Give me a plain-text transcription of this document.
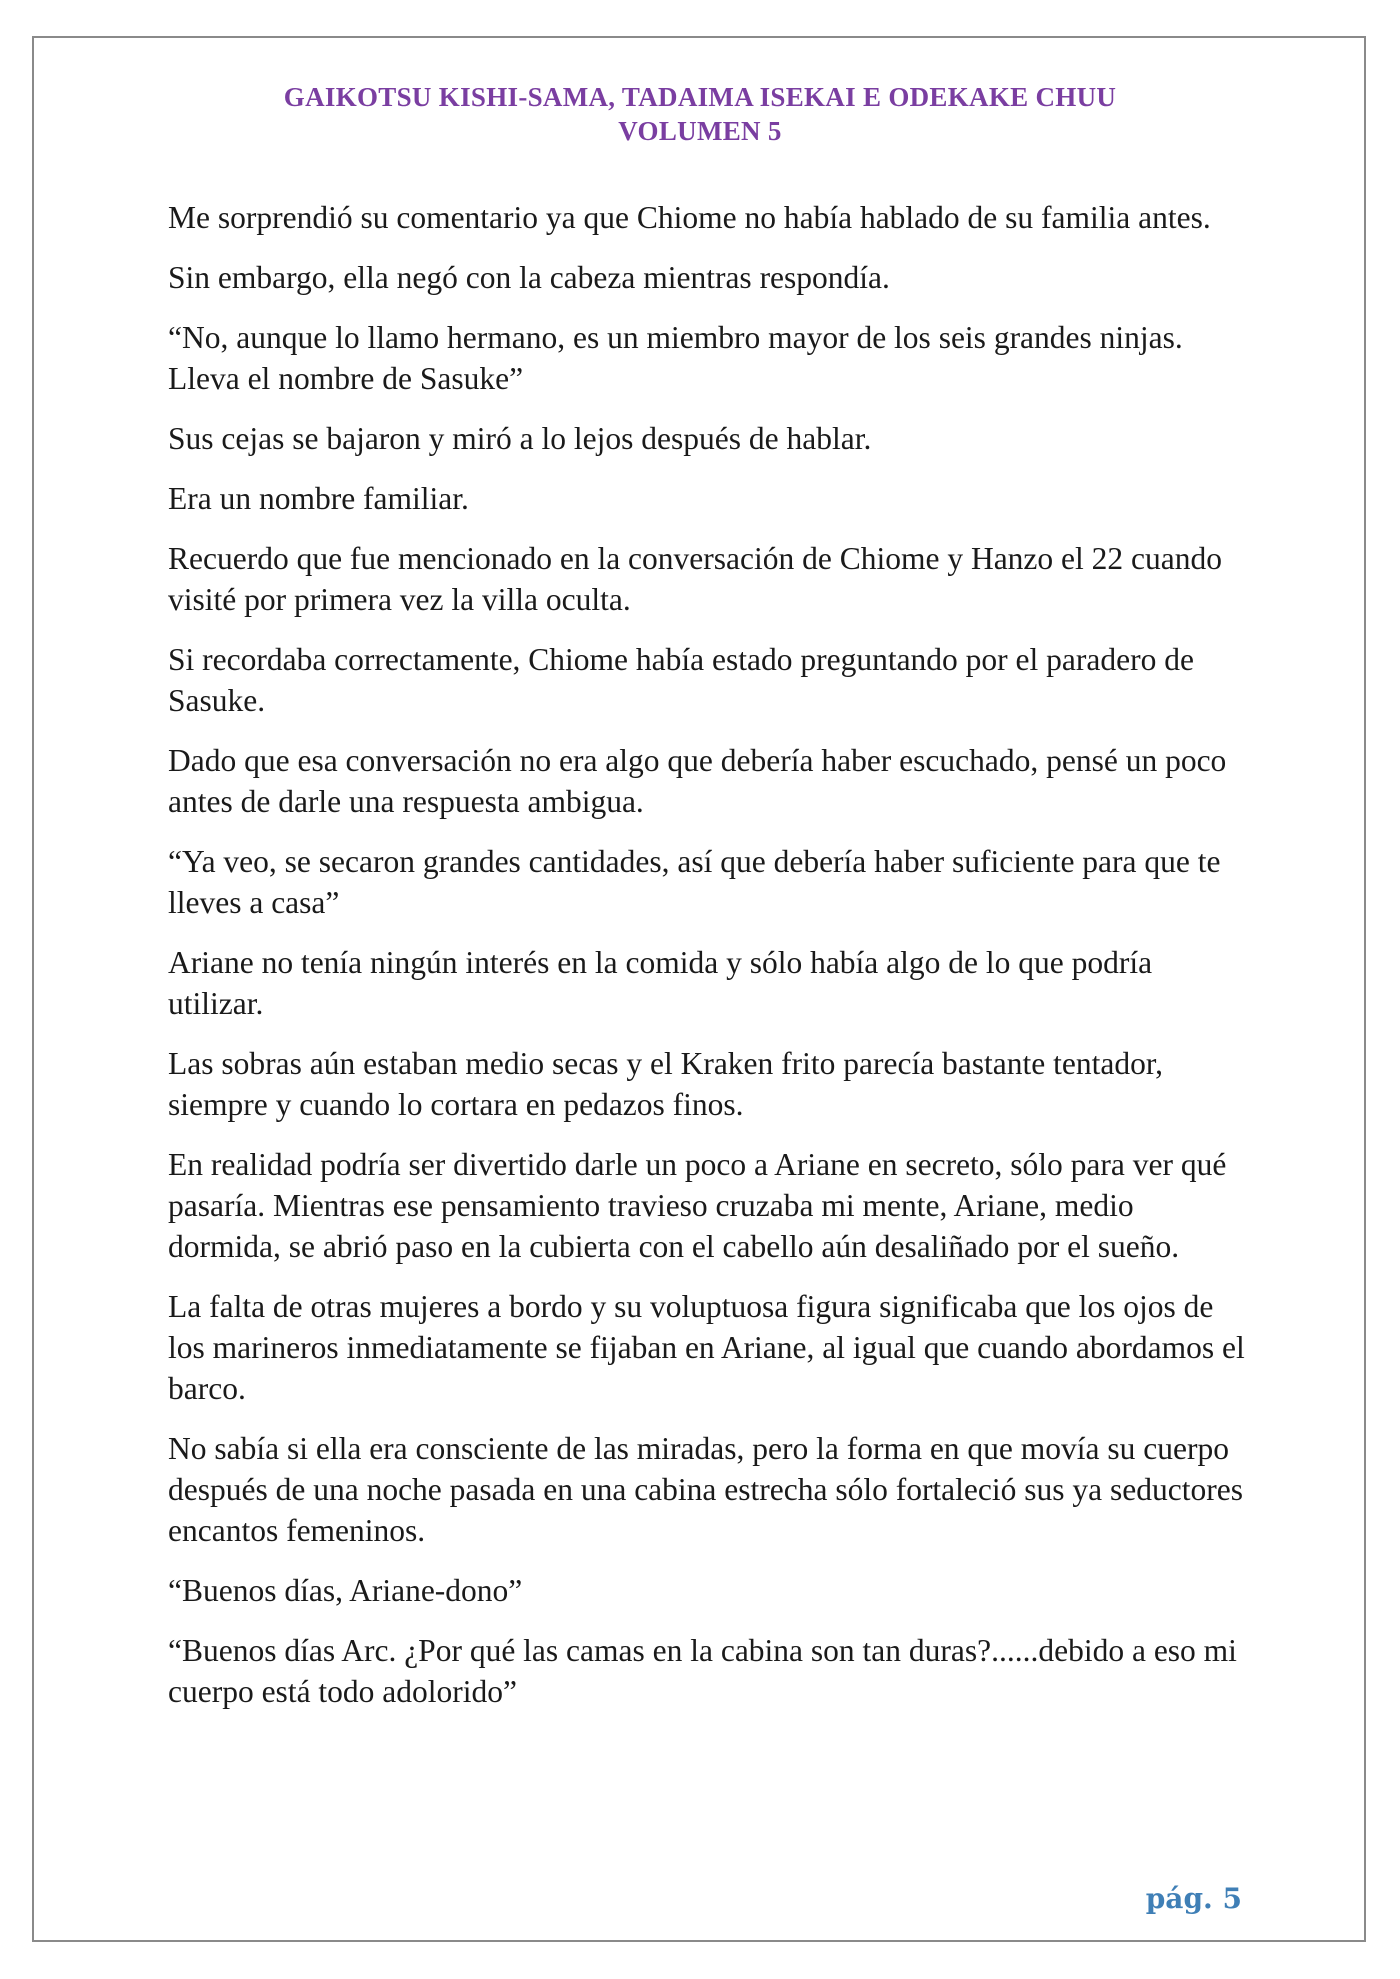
GAIKOTSU KISHI-SAMA, TADAIMA ISEKAI E ODEKAKE CHUU
VOLUMEN 5

Me sorprendió su comentario ya que Chiome no había hablado de su familia antes.

Sin embargo, ella negó con la cabeza mientras respondía.

“No, aunque lo llamo hermano, es un miembro mayor de los seis grandes ninjas. Lleva el nombre de Sasuke”

Sus cejas se bajaron y miró a lo lejos después de hablar.

Era un nombre familiar.

Recuerdo que fue mencionado en la conversación de Chiome y Hanzo el 22 cuando visité por primera vez la villa oculta.

Si recordaba correctamente, Chiome había estado preguntando por el paradero de Sasuke.

Dado que esa conversación no era algo que debería haber escuchado, pensé un poco antes de darle una respuesta ambigua.

“Ya veo, se secaron grandes cantidades, así que debería haber suficiente para que te lleves a casa”

Ariane no tenía ningún interés en la comida y sólo había algo de lo que podría utilizar.

Las sobras aún estaban medio secas y el Kraken frito parecía bastante tentador, siempre y cuando lo cortara en pedazos finos.

En realidad podría ser divertido darle un poco a Ariane en secreto, sólo para ver qué pasaría. Mientras ese pensamiento travieso cruzaba mi mente, Ariane, medio dormida, se abrió paso en la cubierta con el cabello aún desaliñado por el sueño.

La falta de otras mujeres a bordo y su voluptuosa figura significaba que los ojos de los marineros inmediatamente se fijaban en Ariane, al igual que cuando abordamos el barco.

No sabía si ella era consciente de las miradas, pero la forma en que movía su cuerpo después de una noche pasada en una cabina estrecha sólo fortaleció sus ya seductores encantos femeninos.

“Buenos días, Ariane-dono”

“Buenos días Arc. ¿Por qué las camas en la cabina son tan duras?......debido a eso mi cuerpo está todo adolorido”

pág. 5
